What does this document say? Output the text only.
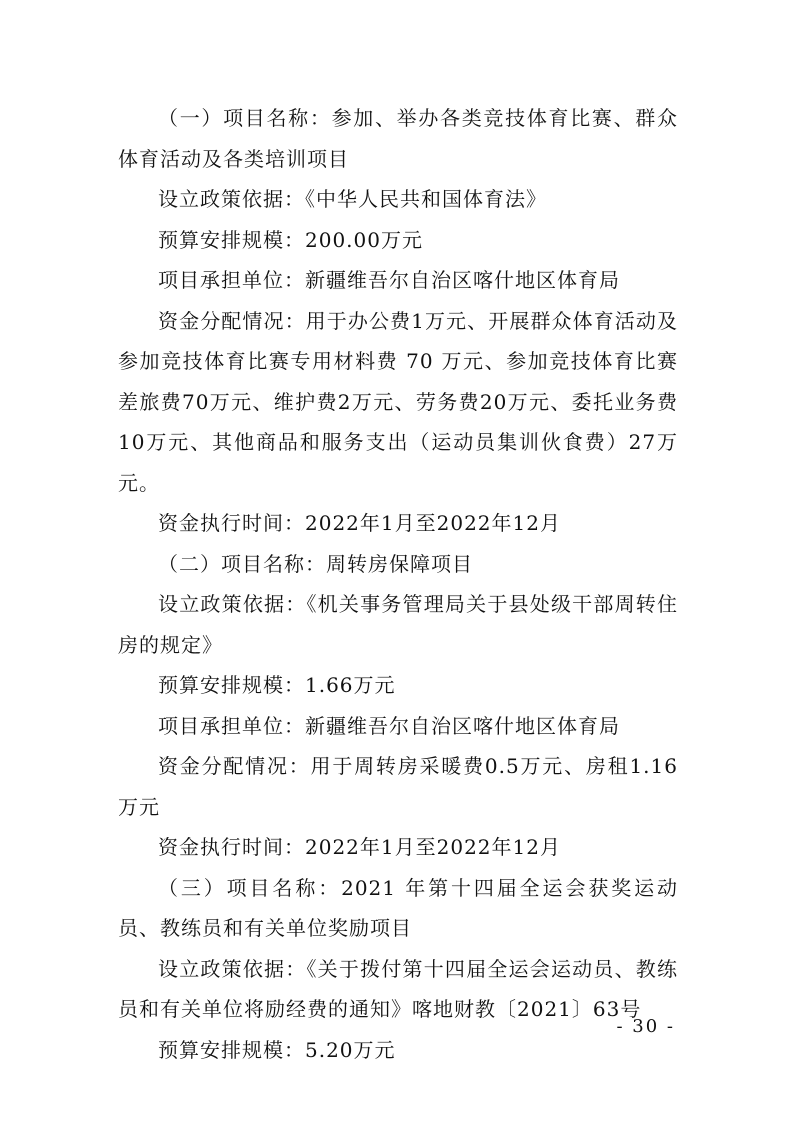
（一）项目名称：参加、举办各类竞技体育比赛、群众体育活动及各类培训项目

设立政策依据：《中华人民共和国体育法》

预算安排规模：200.00万元

项目承担单位：新疆维吾尔自治区喀什地区体育局

资金分配情况：用于办公费1万元、开展群众体育活动及参加竞技体育比赛专用材料费 70 万元、参加竞技体育比赛差旅费70万元、维护费2万元、劳务费20万元、委托业务费10万元、其他商品和服务支出（运动员集训伙食费）27万元。

资金执行时间：2022年1月至2022年12月

（二）项目名称：周转房保障项目

设立政策依据：《机关事务管理局关于县处级干部周转住房的规定》

预算安排规模：1.66万元

项目承担单位：新疆维吾尔自治区喀什地区体育局

资金分配情况：用于周转房采暖费0.5万元、房租1.16万元

资金执行时间：2022年1月至2022年12月

（三）项目名称：2021 年第十四届全运会获奖运动员、教练员和有关单位奖励项目

设立政策依据：《关于拨付第十四届全运会运动员、教练员和有关单位将励经费的通知》喀地财教〔2021〕63号

预算安排规模：5.20万元

- 30 -
